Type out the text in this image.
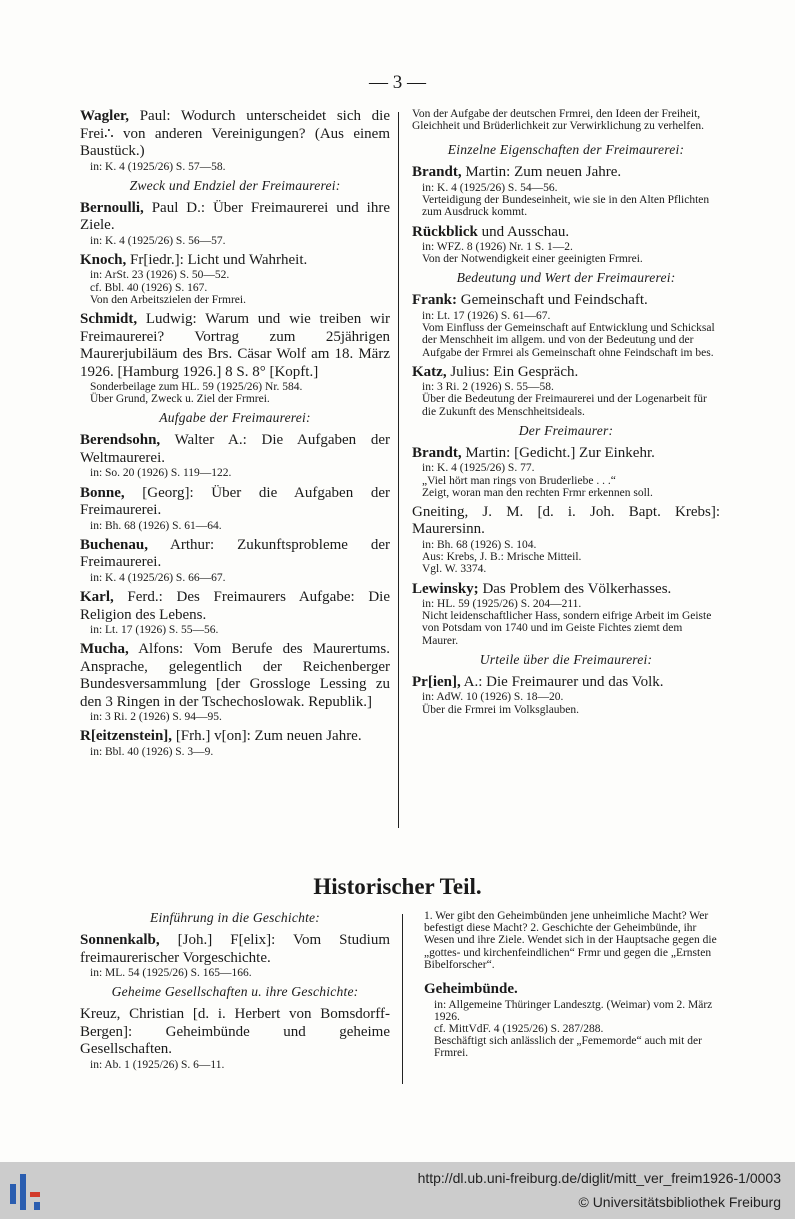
— 3 —

Wagler, Paul: Wodurch unterscheidet sich die Frei∴ von anderen Vereinigungen? (Aus einem Baustück.)

in: K. 4 (1925/26) S. 57—58.

Zweck und Endziel der Freimaurerei:

Bernoulli, Paul D.: Über Freimaurerei und ihre Ziele.

in: K. 4 (1925/26) S. 56—57.

Knoch, Fr[iedr.]: Licht und Wahrheit.

in: ArSt. 23 (1926) S. 50—52.

cf. Bbl. 40 (1926) S. 167.

Von den Arbeitszielen der Frmrei.

Schmidt, Ludwig: Warum und wie treiben wir Freimaurerei? Vortrag zum 25jährigen Maurerjubiläum des Brs. Cäsar Wolf am 18. März 1926. [Hamburg 1926.] 8 S. 8° [Kopft.]

Sonderbeilage zum HL. 59 (1925/26) Nr. 584.

Über Grund, Zweck u. Ziel der Frmrei.

Aufgabe der Freimaurerei:

Berendsohn, Walter A.: Die Aufgaben der Weltmaurerei.

in: So. 20 (1926) S. 119—122.

Bonne, [Georg]: Über die Aufgaben der Freimaurerei.

in: Bh. 68 (1926) S. 61—64.

Buchenau, Arthur: Zukunftsprobleme der Freimaurerei.

in: K. 4 (1925/26) S. 66—67.

Karl, Ferd.: Des Freimaurers Aufgabe: Die Religion des Lebens.

in: Lt. 17 (1926) S. 55—56.

Mucha, Alfons: Vom Berufe des Maurertums. Ansprache, gelegentlich der Reichenberger Bundesversammlung [der Grossloge Lessing zu den 3 Ringen in der Tschechoslowak. Republik.]

in: 3 Ri. 2 (1926) S. 94—95.

R[eitzenstein], [Frh.] v[on]: Zum neuen Jahre.

in: Bbl. 40 (1926) S. 3—9.

Von der Aufgabe der deutschen Frmrei, den Ideen der Freiheit, Gleichheit und Brüderlichkeit zur Verwirklichung zu verhelfen.

Einzelne Eigenschaften der Freimaurerei:

Brandt, Martin: Zum neuen Jahre.

in: K. 4 (1925/26) S. 54—56.

Verteidigung der Bundeseinheit, wie sie in den Alten Pflichten zum Ausdruck kommt.

Rückblick und Ausschau.

in: WFZ. 8 (1926) Nr. 1 S. 1—2.

Von der Notwendigkeit einer geeinigten Frmrei.

Bedeutung und Wert der Freimaurerei:

Frank: Gemeinschaft und Feindschaft.

in: Lt. 17 (1926) S. 61—67.

Vom Einfluss der Gemeinschaft auf Entwicklung und Schicksal der Menschheit im allgem. und von der Bedeutung und der Aufgabe der Frmrei als Gemeinschaft ohne Feindschaft im bes.

Katz, Julius: Ein Gespräch.

in: 3 Ri. 2 (1926) S. 55—58.

Über die Bedeutung der Freimaurerei und der Logenarbeit für die Zukunft des Menschheitsideals.

Der Freimaurer:

Brandt, Martin: [Gedicht.] Zur Einkehr.

in: K. 4 (1925/26) S. 77.

„Viel hört man rings von Bruderliebe . . .“

Zeigt, woran man den rechten Frmr erkennen soll.

Gneiting, J. M. [d. i. Joh. Bapt. Krebs]: Maurersinn.

in: Bh. 68 (1926) S. 104.

Aus: Krebs, J. B.: Mrische Mitteil.

Vgl. W. 3374.

Lewinsky; Das Problem des Völkerhasses.

in: HL. 59 (1925/26) S. 204—211.

Nicht leidenschaftlicher Hass, sondern eifrige Arbeit im Geiste von Potsdam von 1740 und im Geiste Fichtes ziemt dem Maurer.

Urteile über die Freimaurerei:

Pr[ien], A.: Die Freimaurer und das Volk.

in: AdW. 10 (1926) S. 18—20.

Über die Frmrei im Volksglauben.

Historischer Teil.

Einführung in die Geschichte:

Sonnenkalb, [Joh.] F[elix]: Vom Studium freimaurerischer Vorgeschichte.

in: ML. 54 (1925/26) S. 165—166.

Geheime Gesellschaften u. ihre Geschichte:

Kreuz, Christian [d. i. Herbert von Bomsdorff-Bergen]: Geheimbünde und geheime Gesellschaften.

in: Ab. 1 (1925/26) S. 6—11.

1. Wer gibt den Geheimbünden jene unheimliche Macht? Wer befestigt diese Macht? 2. Geschichte der Geheimbünde, ihr Wesen und ihre Ziele. Wendet sich in der Hauptsache gegen die „gottes- und kirchenfeindlichen“ Frmr und gegen die „Ernsten Bibelforscher“.

Geheimbünde.

in: Allgemeine Thüringer Landesztg. (Weimar) vom 2. März 1926.

cf. MittVdF. 4 (1925/26) S. 287/288.

Beschäftigt sich anlässlich der „Fememorde“ auch mit der Frmrei.

http://dl.ub.uni-freiburg.de/diglit/mitt_ver_freim1926-1/0003
© Universitätsbibliothek Freiburg
